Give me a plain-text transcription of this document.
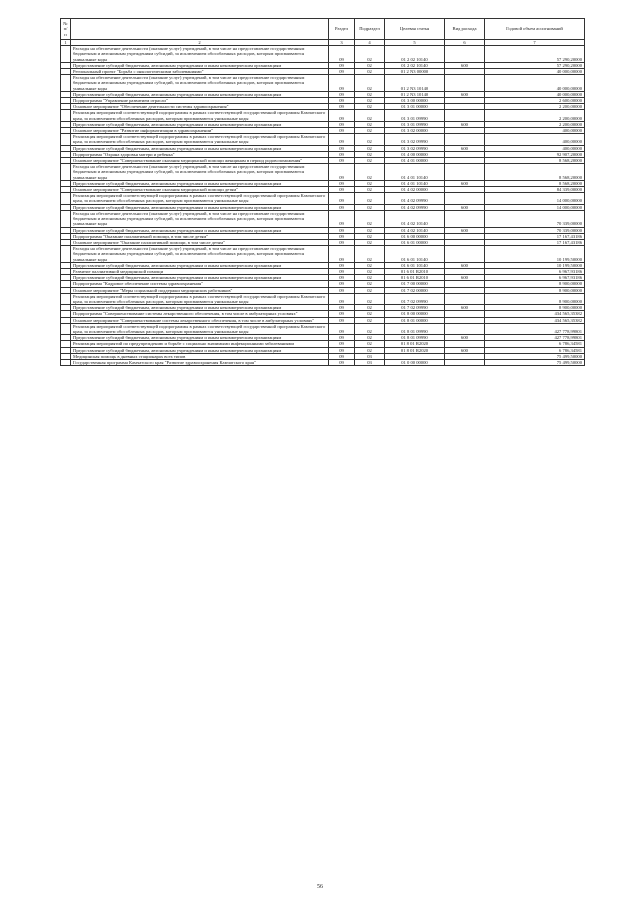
№ п/п		Раздел	Подраздел	Целевая статья	Вид расхода	Годовой объем ассигнований
1	2	3	4	5	6	7
	Расходы на обеспечение деятельности (оказание услуг) учреждений, в том числе на предоставление государственным бюджетным и автономным учреждениям субсидий, за исключением обособленных расходов, которым присваиваются уникальные коды	09	02	01 2 02 10140		57 290,20000
	Предоставление субсидий бюджетным, автономным учреждениям и иным некоммерческим организациям	09	02	01 2 02 10140	600	57 290,20000
	Региональный проект "Борьба с онкологическими заболеваниями"	09	02	01 2 N3 00000		40 000,00000
	Расходы на обеспечение деятельности (оказание услуг) учреждений, в том числе на предоставление государственным бюджетным и автономным учреждениям субсидий, за исключением обособленных расходов, которым присваиваются уникальные коды	09	02	01 2 N3 10140		40 000,00000
	Предоставление субсидий бюджетным, автономным учреждениям и иным некоммерческим организациям	09	02	01 2 N3 10140	600	40 000,00000
	Подпрограмма "Управление развитием отрасли"	09	02	01 3 00 00000		2 600,00000
	Основное мероприятие "Обеспечение деятельности системы здравоохранения"	09	02	01 3 01 00000		2 200,00000
	Реализация мероприятий соответствующей подпрограммы в рамках соответствующей государственной программы Камчатского края, за исключением обособленных расходов, которым присваиваются уникальные коды	09	02	01 3 01 09990		2 200,00000
	Предоставление субсидий бюджетным, автономным учреждениям и иным некоммерческим организациям	09	02	01 3 01 09990	600	2 200,00000
	Основное мероприятие "Развитие информатизации в здравоохранении"	09	02	01 3 02 00000		400,00000
	Реализация мероприятий соответствующей подпрограммы в рамках соответствующей государственной программы Камчатского края, за исключением обособленных расходов, которым присваиваются уникальные коды	09	02	01 3 02 09990		400,00000
	Предоставление субсидий бюджетным, автономным учреждениям и иным некоммерческим организациям	09	02	01 3 02 09990	600	400,00000
	Подпрограмма "Охрана здоровья матери и ребенка"	09	02	01 4 00 00000		92 907,20000
	Основное мероприятие "Совершенствование оказания медицинской помощи женщинам в период родовспоможения"	09	02	01 4 01 00000		8 568,20000
	Расходы на обеспечение деятельности (оказание услуг) учреждений, в том числе на предоставление государственным бюджетным и автономным учреждениям субсидий, за исключением обособленных расходов, которым присваиваются уникальные коды	09	02	01 4 01 10140		8 568,20000
	Предоставление субсидий бюджетным, автономным учреждениям и иным некоммерческим организациям	09	02	01 4 01 10140	600	8 568,20000
	Основное мероприятие "Совершенствование оказания медицинской помощи детям"	09	02	01 4 02 00000		84 339,00000
	Реализация мероприятий соответствующей подпрограммы в рамках соответствующей государственной программы Камчатского края, за исключением обособленных расходов, которым присваиваются уникальные коды	09	02	01 4 02 09990		14 000,00000
	Предоставление субсидий бюджетным, автономным учреждениям и иным некоммерческим организациям	09	02	01 4 02 09990	600	14 000,00000
	Расходы на обеспечение деятельности (оказание услуг) учреждений, в том числе на предоставление государственным бюджетным и автономным учреждениям субсидий, за исключением обособленных расходов, которым присваиваются уникальные коды	09	02	01 4 02 10140		70 339,00000
	Предоставление субсидий бюджетным, автономным учреждениям и иным некоммерческим организациям	09	02	01 4 02 10140	600	70 339,00000
	Подпрограмма "Оказание паллиативной помощи, в том числе детям"	09	02	01 6 00 00000		17 167,43186
	Основное мероприятие "Оказание паллиативной помощи, в том числе детям"	09	02	01 6 01 00000		17 167,43186
	Расходы на обеспечение деятельности (оказание услуг) учреждений, в том числе на предоставление государственным бюджетным и автономным учреждениям субсидий, за исключением обособленных расходов, которым присваиваются уникальные коды	09	02	01 6 01 10140		10 199,50000
	Предоставление субсидий бюджетным, автономным учреждениям и иным некоммерческим организациям	09	02	01 6 01 10140	600	10 199,50000
	Развитие паллиативной медицинской помощи	09	02	01 6 01 R2010		6 967,93186
	Предоставление субсидий бюджетным, автономным учреждениям и иным некоммерческим организациям	09	02	01 6 01 R2010	600	6 967,93186
	Подпрограмма "Кадровое обеспечение системы здравоохранения"	09	02	01 7 00 00000		8 900,00000
	Основное мероприятие "Меры социальной поддержки медицинских работников"	09	02	01 7 02 00000		8 900,00000
	Реализация мероприятий соответствующей подпрограммы в рамках соответствующей государственной программы Камчатского края, за исключением обособленных расходов, которым присваиваются уникальные коды	09	02	01 7 02 09990		8 900,00000
	Предоставление субсидий бюджетным, автономным учреждениям и иным некоммерческим организациям	09	02	01 7 02 09990	600	8 900,00000
	Подпрограмма "Совершенствование системы лекарственного обеспечения, в том числе в амбулаторных условиях"	09	02	01 8 00 00000		434 565,35382
	Основное мероприятие "Совершенствование системы лекарственного обеспечения, в том числе в амбулаторных условиях"	09	02	01 8 01 00000		434 565,35382
	Реализация мероприятий соответствующей подпрограммы в рамках соответствующей государственной программы Камчатского края, за исключением обособленных расходов, которым присваиваются уникальные коды	09	02	01 8 01 09990		427 778,99801
	Предоставление субсидий бюджетным, автономным учреждениям и иным некоммерческим организациям	09	02	01 8 01 09990	600	427 778,99801
	Реализация мероприятий по предупреждению и борьбе с социально значимыми инфекционными заболеваниями	09	02	01 8 01 R2020		6 786,34581
	Предоставление субсидий бюджетным, автономным учреждениям и иным некоммерческим организациям	09	02	01 8 01 R2020	600	6 786,34581
	Медицинская помощь в дневных стационарах всех типов	09	03			75 499,50000
	Государственная программа Камчатского края "Развитие здравоохранения Камчатского края"	09	03	01 0 00 00000		75 499,50000
56
